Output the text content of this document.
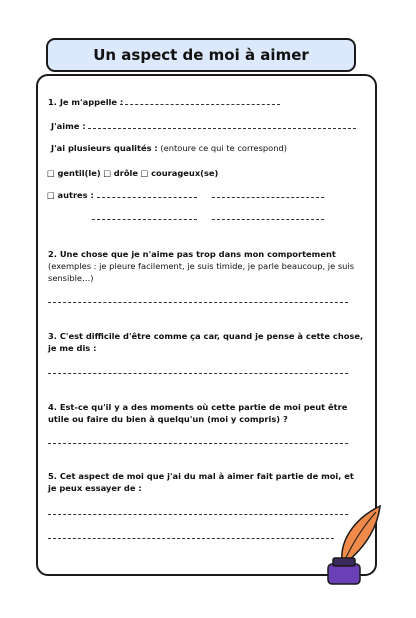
Un aspect de moi à aimer
1. Je m'appelle :
J'aime :
J'ai plusieurs qualités : (entoure ce qui te correspond)
□ gentil(le) □ drôle □ courageux(se)
□ autres :
2. Une chose que je n'aime pas trop dans mon comportement
(exemples : je pleure facilement, je suis timide, je parle beaucoup, je suis sensible…)
3. C'est difficile d'être comme ça car, quand je pense à cette chose, je me dis :
4. Est-ce qu'il y a des moments où cette partie de moi peut être utile ou faire du bien à quelqu'un (moi y compris) ?
5. Cet aspect de moi que j'ai du mal à aimer fait partie de moi, et je peux essayer de :
